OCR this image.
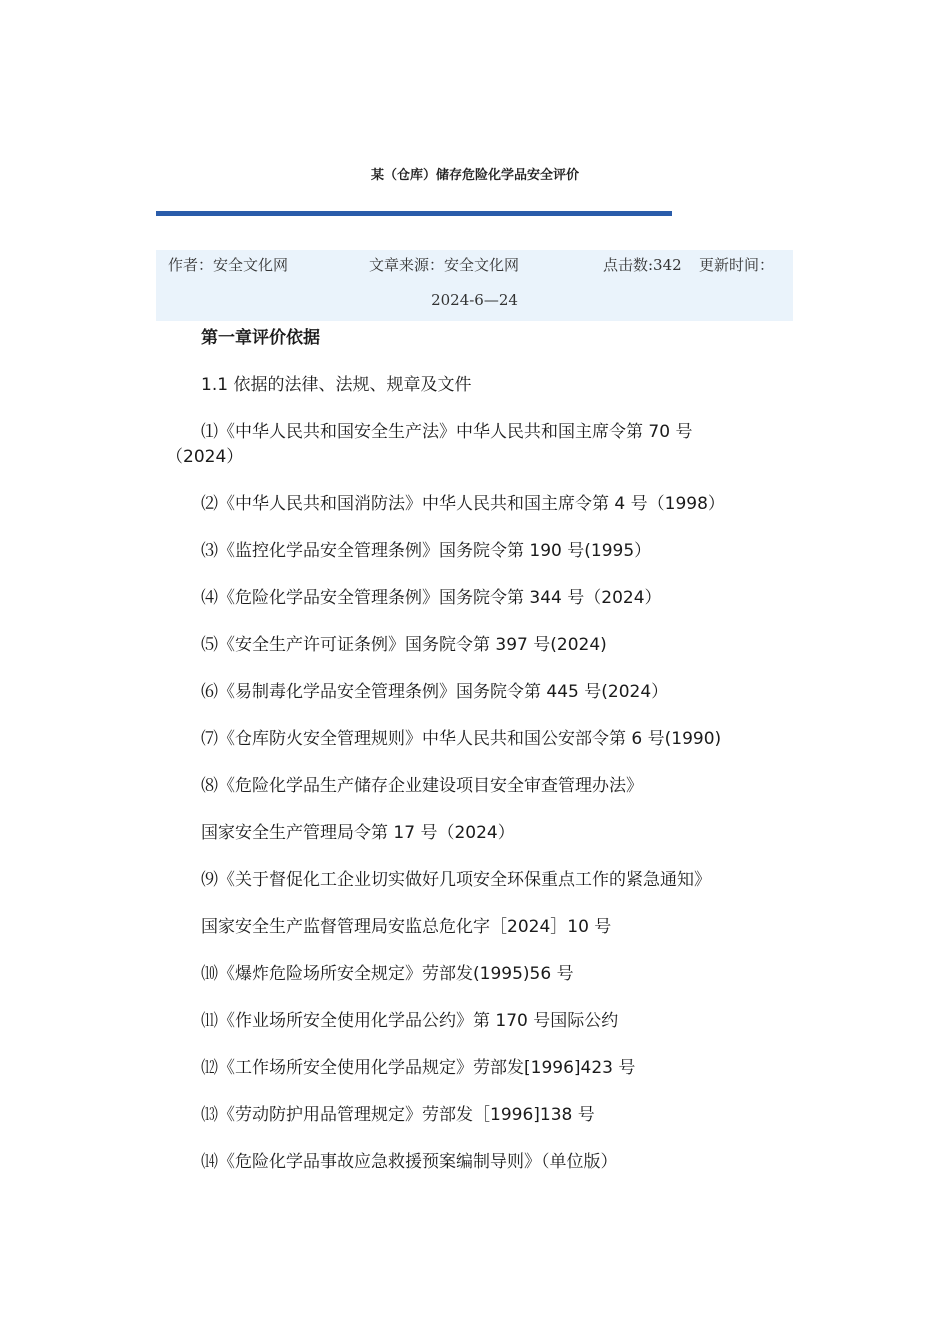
某（仓库）储存危险化学品安全评价
作者：安全文化网	文章来源：安全文化网	点击数:342 更新时间：
2024-6—24

第一章评价依据

1.1 依据的法律、法规、规章及文件

⑴《中华人民共和国安全生产法》中华人民共和国主席令第 70 号（2024）

⑵《中华人民共和国消防法》中华人民共和国主席令第 4 号（1998）

⑶《监控化学品安全管理条例》国务院令第 190 号(1995）

⑷《危险化学品安全管理条例》国务院令第 344 号（2024）

⑸《安全生产许可证条例》国务院令第 397 号(2024)

⑹《易制毒化学品安全管理条例》国务院令第 445 号(2024）

⑺《仓库防火安全管理规则》中华人民共和国公安部令第 6 号(1990)

⑻《危险化学品生产储存企业建设项目安全审查管理办法》

国家安全生产管理局令第 17 号（2024）

⑼《关于督促化工企业切实做好几项安全环保重点工作的紧急通知》

国家安全生产监督管理局安监总危化字［2024］10 号

⑽《爆炸危险场所安全规定》劳部发(1995)56 号

⑾《作业场所安全使用化学品公约》第 170 号国际公约

⑿《工作场所安全使用化学品规定》劳部发[1996]423 号

⒀《劳动防护用品管理规定》劳部发［1996]138 号

⒁《危险化学品事故应急救援预案编制导则》（单位版）
